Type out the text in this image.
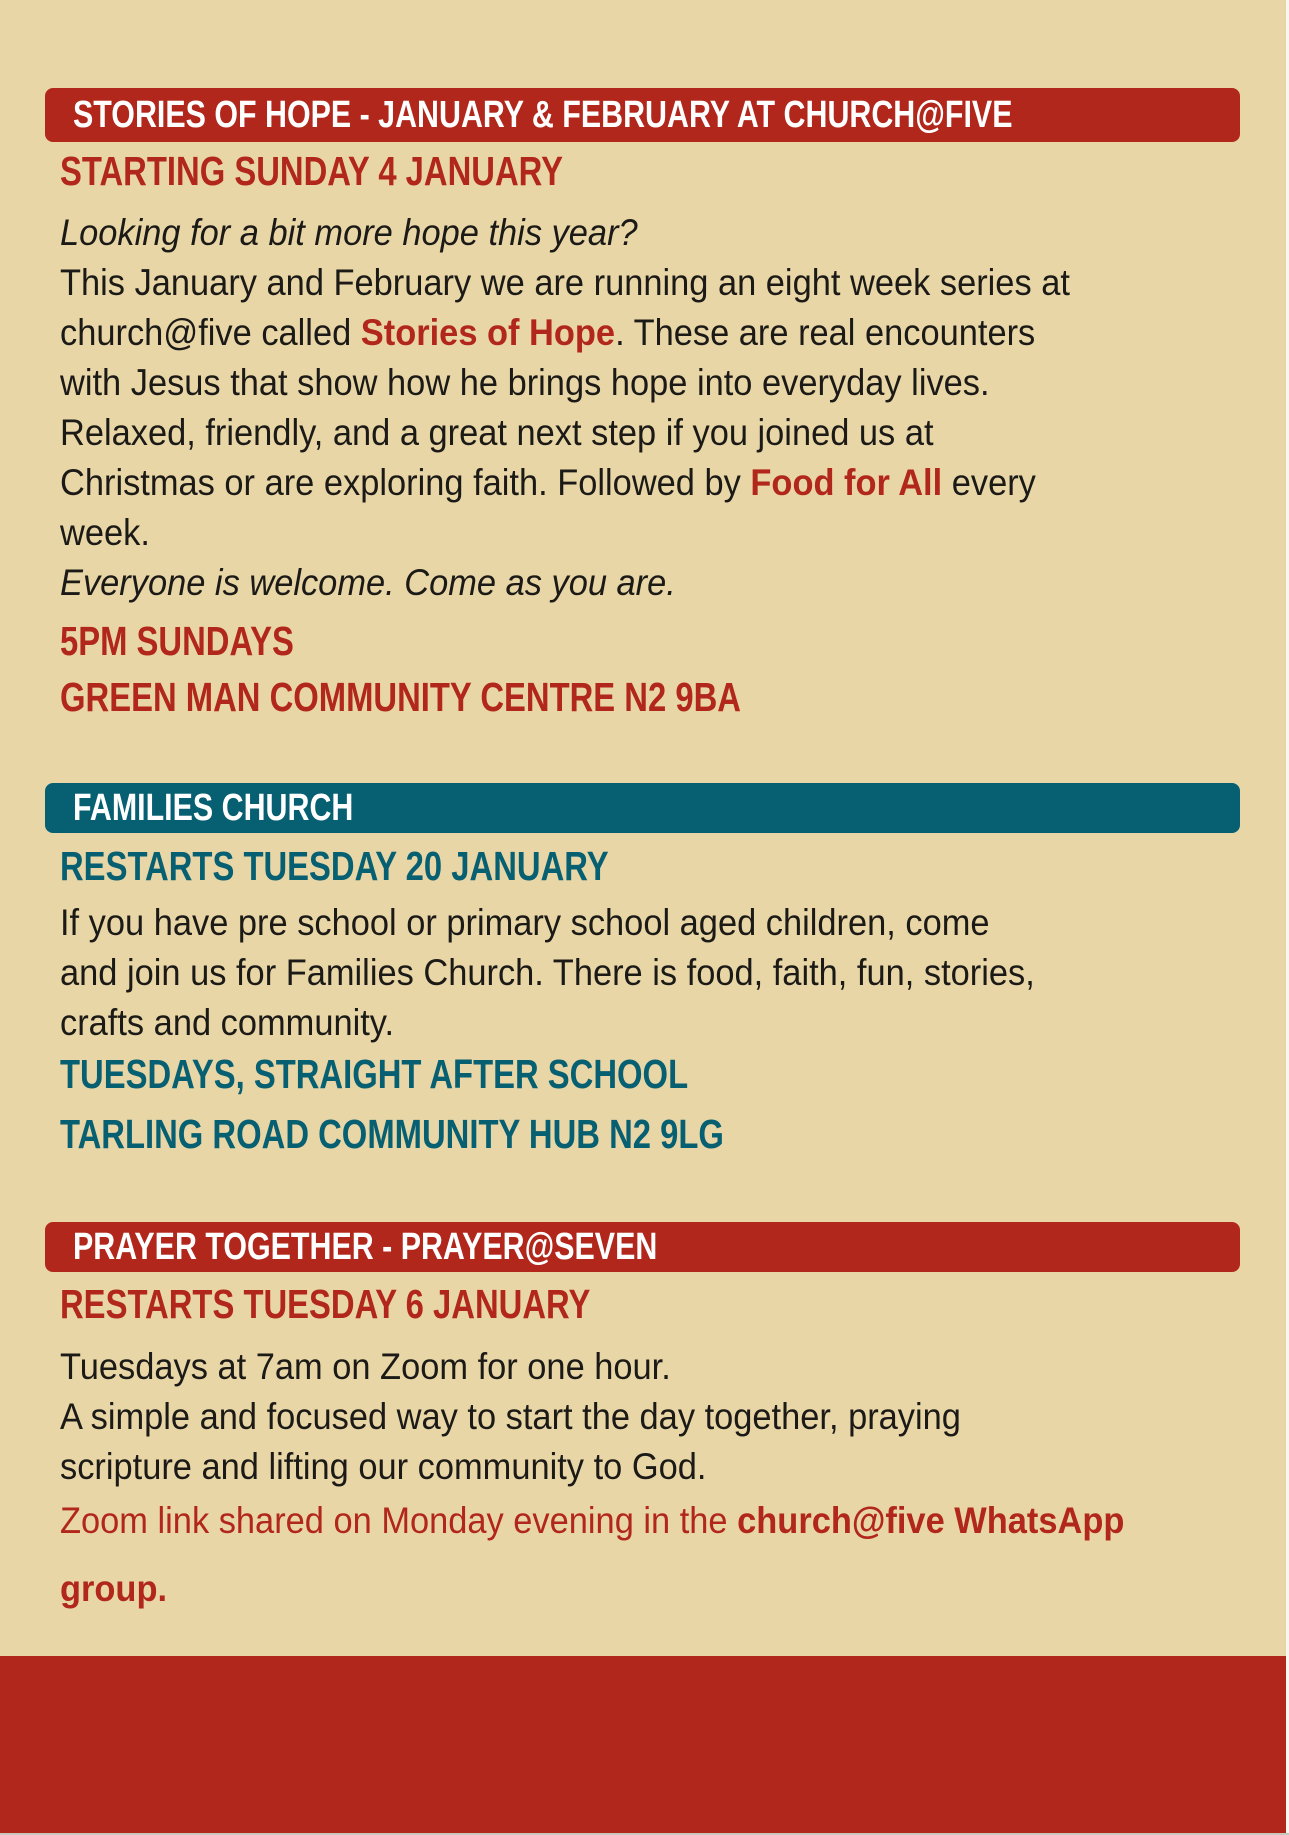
STORIES OF HOPE - JANUARY & FEBRUARY AT CHURCH@FIVE
STARTING SUNDAY 4 JANUARY
Looking for a bit more hope this year?
This January and February we are running an eight week series at
church@five called Stories of Hope. These are real encounters
with Jesus that show how he brings hope into everyday lives.
Relaxed, friendly, and a great next step if you joined us at
Christmas or are exploring faith. Followed by Food for All every
week.
Everyone is welcome. Come as you are.
5PM SUNDAYS
GREEN MAN COMMUNITY CENTRE N2 9BA
FAMILIES CHURCH
RESTARTS TUESDAY 20 JANUARY
If you have pre school or primary school aged children, come
and join us for Families Church. There is food, faith, fun, stories,
crafts and community.
TUESDAYS, STRAIGHT AFTER SCHOOL
TARLING ROAD COMMUNITY HUB N2 9LG
PRAYER TOGETHER - PRAYER@SEVEN
RESTARTS TUESDAY 6 JANUARY
Tuesdays at 7am on Zoom for one hour.
A simple and focused way to start the day together, praying
scripture and lifting our community to God.
Zoom link shared on Monday evening in the church@five WhatsApp
group.
